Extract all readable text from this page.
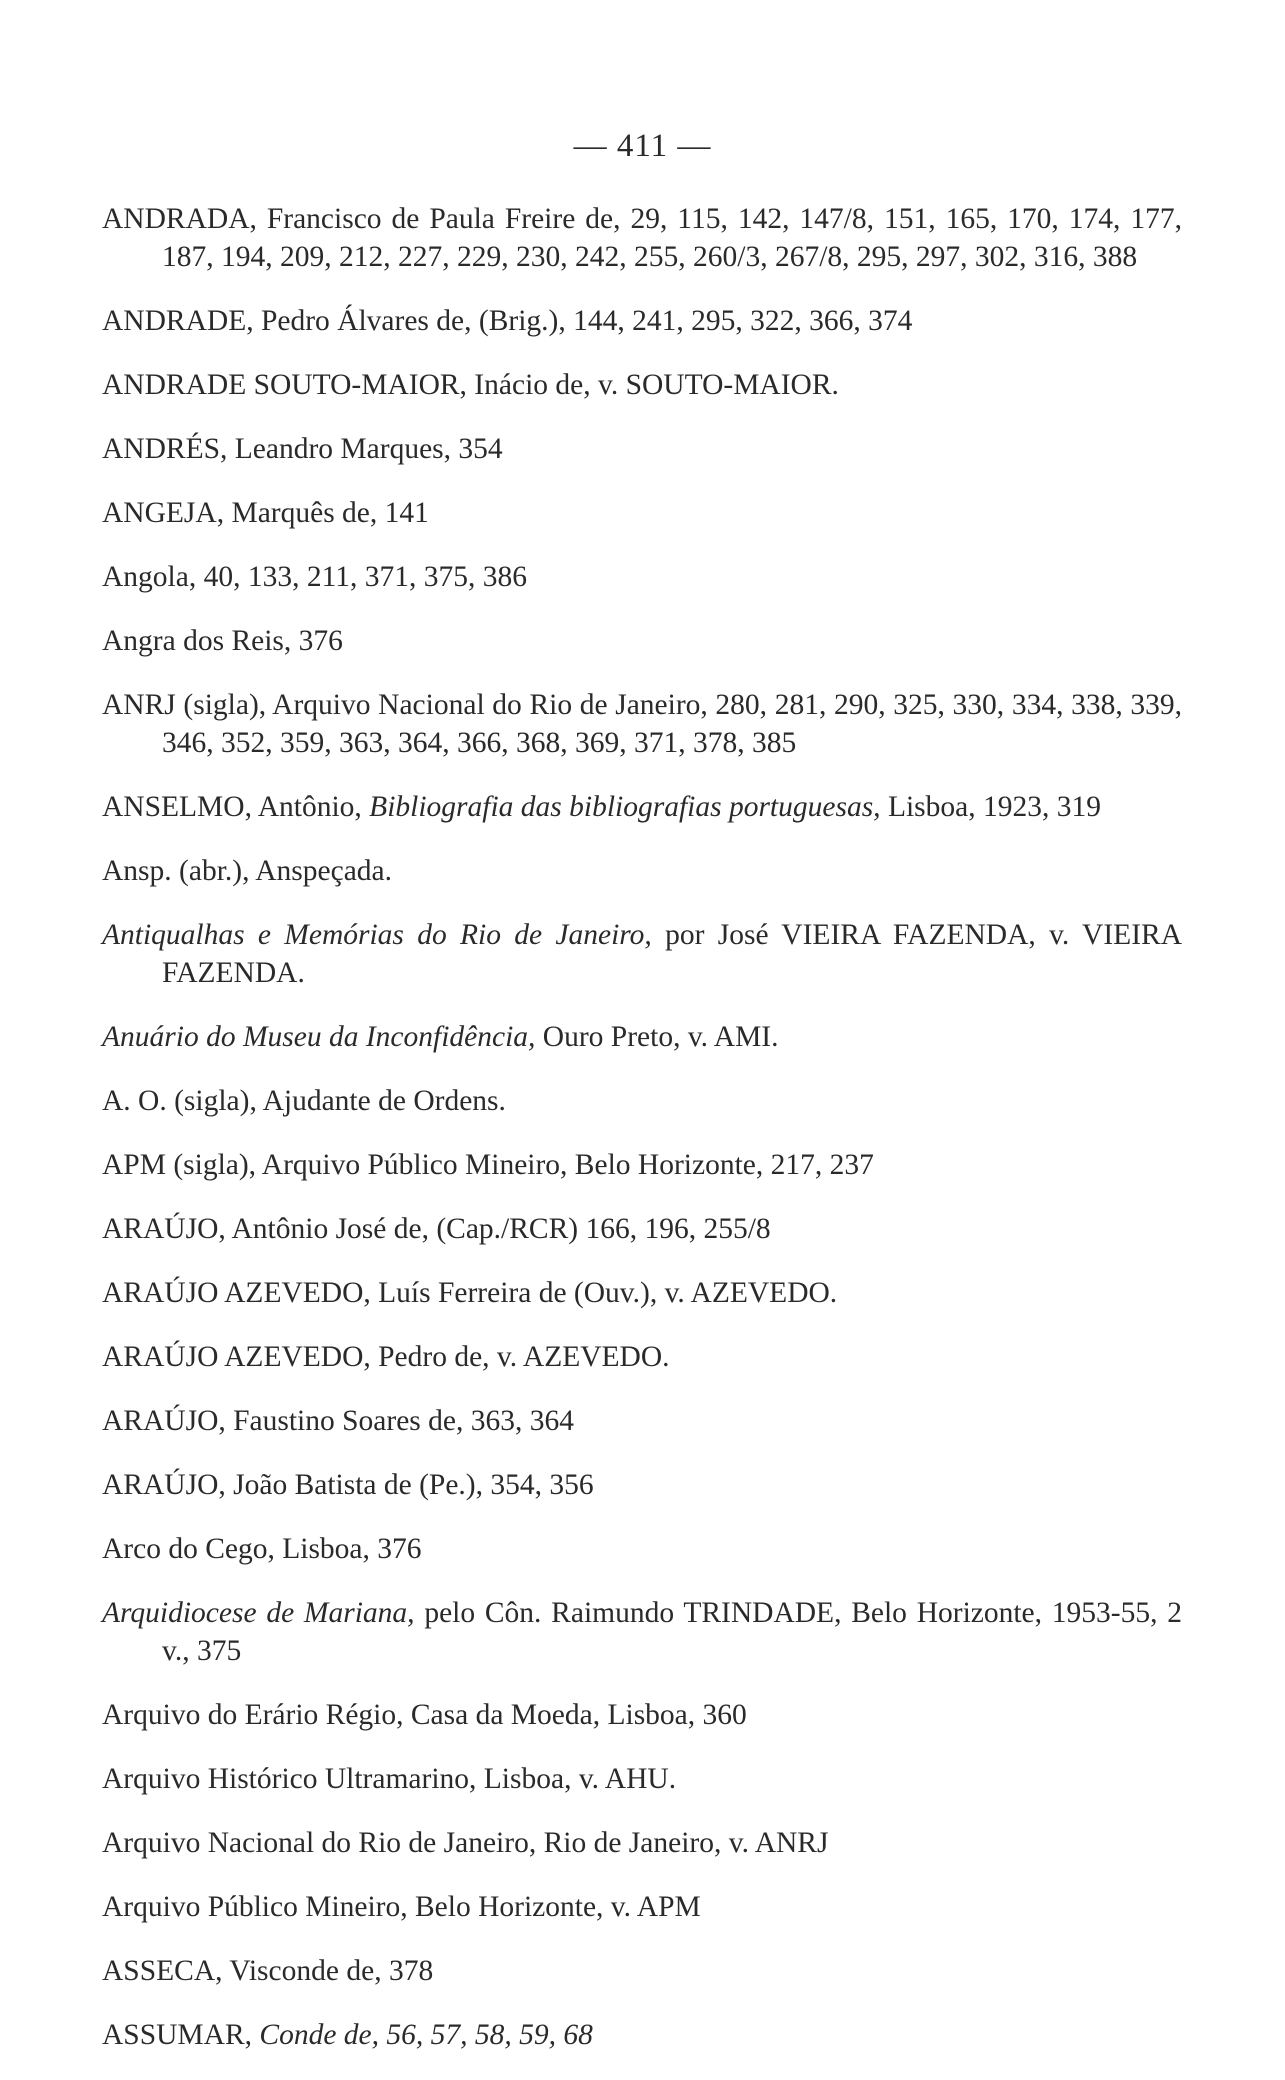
— 411 —

ANDRADA, Francisco de Paula Freire de, 29, 115, 142, 147/8, 151, 165, 170, 174, 177, 187, 194, 209, 212, 227, 229, 230, 242, 255, 260/3, 267/8, 295, 297, 302, 316, 388

ANDRADE, Pedro Álvares de, (Brig.), 144, 241, 295, 322, 366, 374

ANDRADE SOUTO-MAIOR, Inácio de, v. SOUTO-MAIOR.

ANDRÉS, Leandro Marques, 354

ANGEJA, Marquês de, 141

Angola, 40, 133, 211, 371, 375, 386

Angra dos Reis, 376

ANRJ (sigla), Arquivo Nacional do Rio de Janeiro, 280, 281, 290, 325, 330, 334, 338, 339, 346, 352, 359, 363, 364, 366, 368, 369, 371, 378, 385

ANSELMO, Antônio, Bibliografia das bibliografias portuguesas, Lisboa, 1923, 319

Ansp. (abr.), Anspeçada.

Antiqualhas e Memórias do Rio de Janeiro, por José VIEIRA FAZENDA, v. VIEIRA FAZENDA.

Anuário do Museu da Inconfidência, Ouro Preto, v. AMI.

A. O. (sigla), Ajudante de Ordens.

APM (sigla), Arquivo Público Mineiro, Belo Horizonte, 217, 237

ARAÚJO, Antônio José de, (Cap./RCR) 166, 196, 255/8

ARAÚJO AZEVEDO, Luís Ferreira de (Ouv.), v. AZEVEDO.

ARAÚJO AZEVEDO, Pedro de, v. AZEVEDO.

ARAÚJO, Faustino Soares de, 363, 364

ARAÚJO, João Batista de (Pe.), 354, 356

Arco do Cego, Lisboa, 376

Arquidiocese de Mariana, pelo Côn. Raimundo TRINDADE, Belo Horizonte, 1953-55, 2 v., 375

Arquivo do Erário Régio, Casa da Moeda, Lisboa, 360

Arquivo Histórico Ultramarino, Lisboa, v. AHU.

Arquivo Nacional do Rio de Janeiro, Rio de Janeiro, v. ANRJ

Arquivo Público Mineiro, Belo Horizonte, v. APM

ASSECA, Visconde de, 378

ASSUMAR, Conde de, 56, 57, 58, 59, 68
